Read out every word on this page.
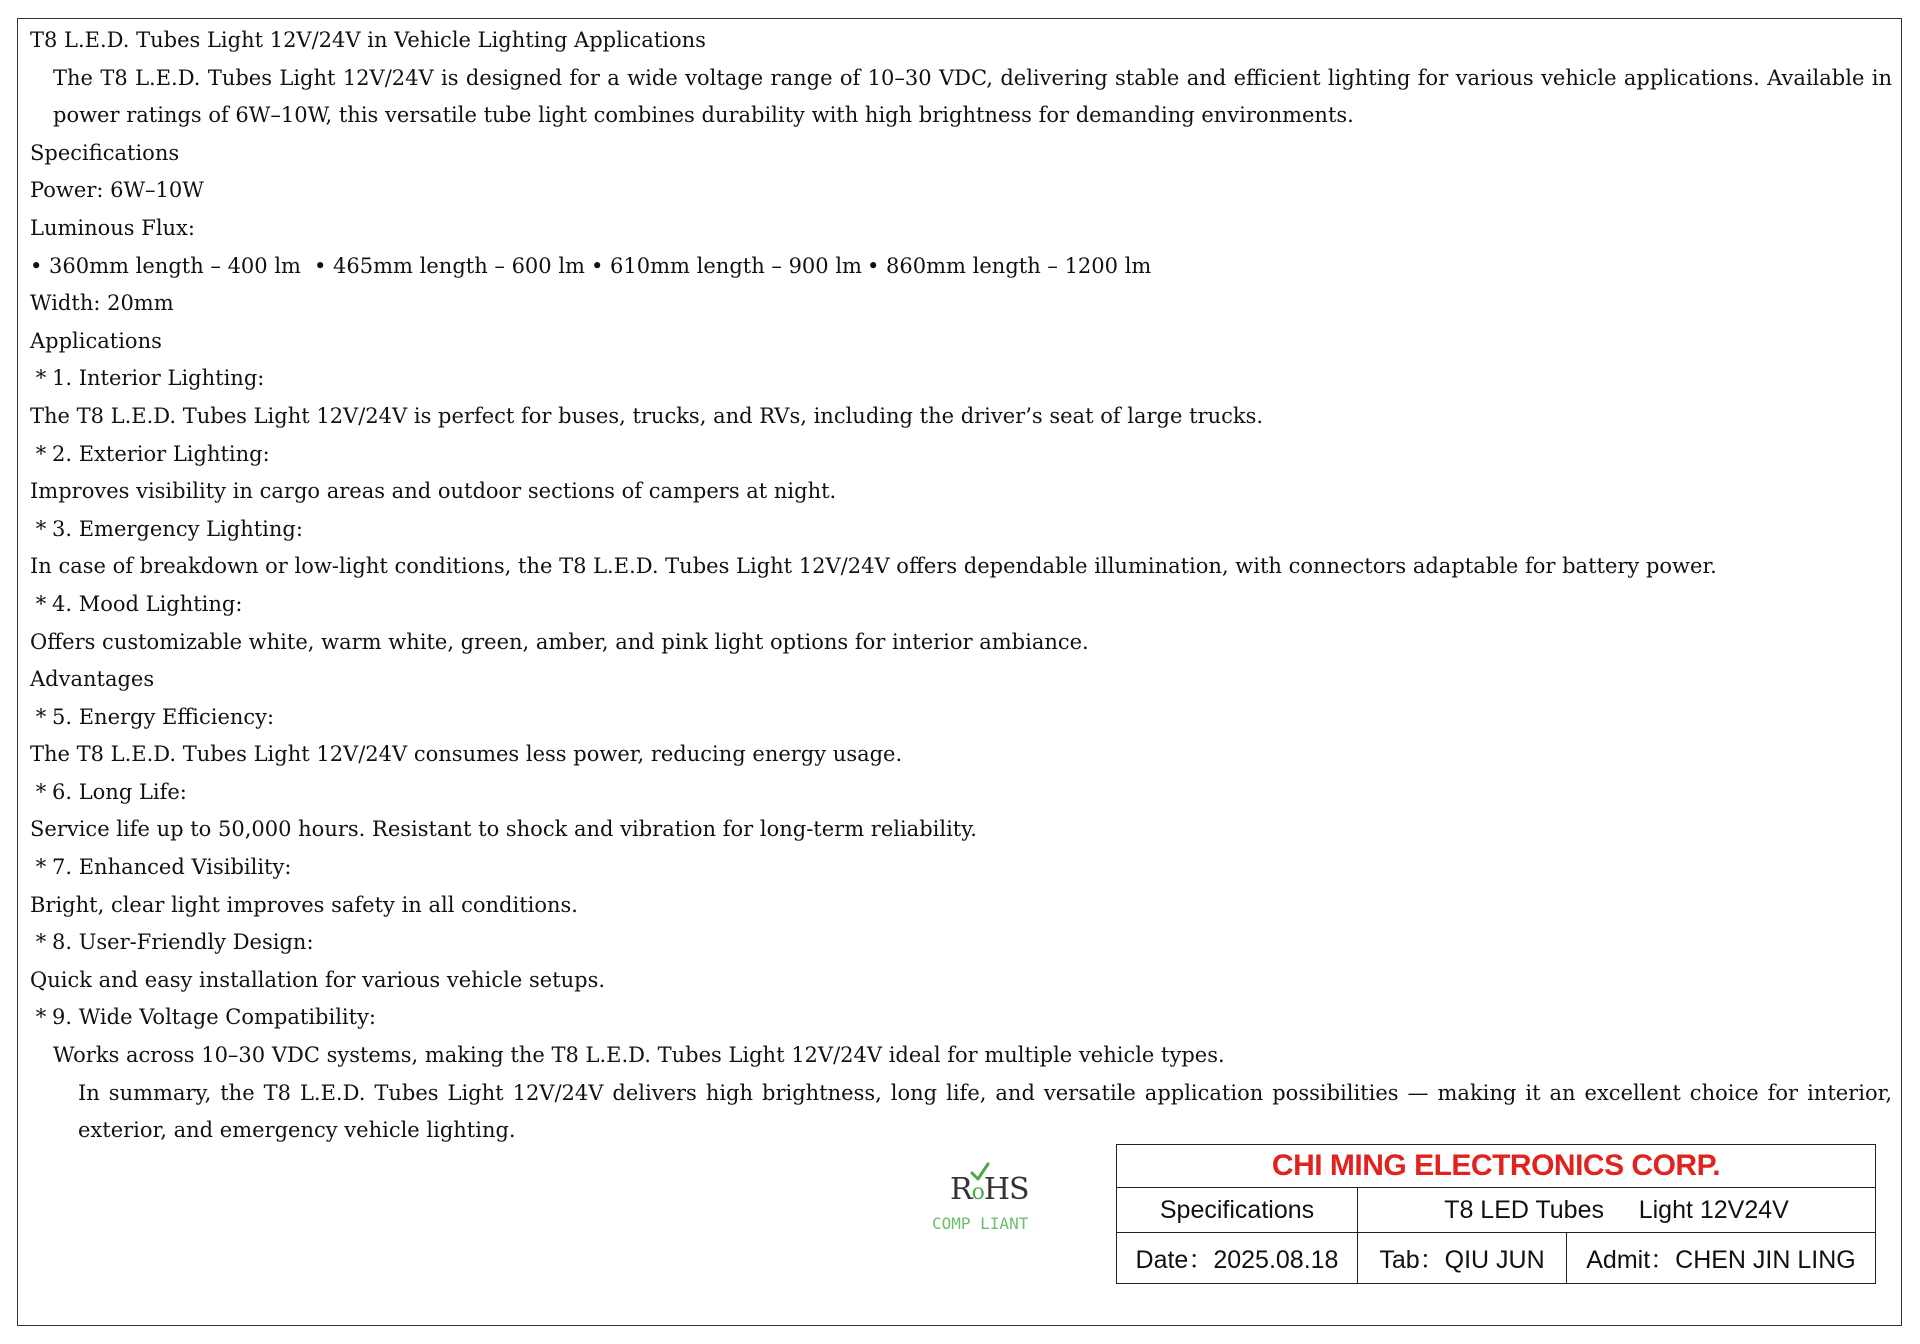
T8 L.E.D. Tubes Light 12V/24V in Vehicle Lighting Applications

The T8 L.E.D. Tubes Light 12V/24V is designed for a wide voltage range of 10–30 VDC, delivering stable and efficient lighting for various vehicle applications. Available in power ratings of 6W–10W, this versatile tube light combines durability with high brightness for demanding environments.

Specifications

Power: 6W–10W

Luminous Flux:

• 360mm length – 400 lm • 465mm length – 600 lm • 610mm length – 900 lm • 860mm length – 1200 lm

Width: 20mm

Applications

* 1. Interior Lighting:

The T8 L.E.D. Tubes Light 12V/24V is perfect for buses, trucks, and RVs, including the driver’s seat of large trucks.

* 2. Exterior Lighting:

Improves visibility in cargo areas and outdoor sections of campers at night.

* 3. Emergency Lighting:

In case of breakdown or low-light conditions, the T8 L.E.D. Tubes Light 12V/24V offers dependable illumination, with connectors adaptable for battery power.

* 4. Mood Lighting:

Offers customizable white, warm white, green, amber, and pink light options for interior ambiance.

Advantages

* 5. Energy Efficiency:

The T8 L.E.D. Tubes Light 12V/24V consumes less power, reducing energy usage.

* 6. Long Life:

Service life up to 50,000 hours. Resistant to shock and vibration for long-term reliability.

* 7. Enhanced Visibility:

Bright, clear light improves safety in all conditions.

* 8. User-Friendly Design:

Quick and easy installation for various vehicle setups.

* 9. Wide Voltage Compatibility:

Works across 10–30 VDC systems, making the T8 L.E.D. Tubes Light 12V/24V ideal for multiple vehicle types.

In summary, the T8 L.E.D. Tubes Light 12V/24V delivers high brightness, long life, and versatile application possibilities — making it an excellent choice for interior, exterior, and emergency vehicle lighting.

RoHS
COMP LIANT
CHI MING ELECTRONICS CORP.		
Specifications	T8 LED Tubes     Light 12V24V	
Date：2025.08.18	Tab：QIU JUN	Admit：CHEN JIN LING
